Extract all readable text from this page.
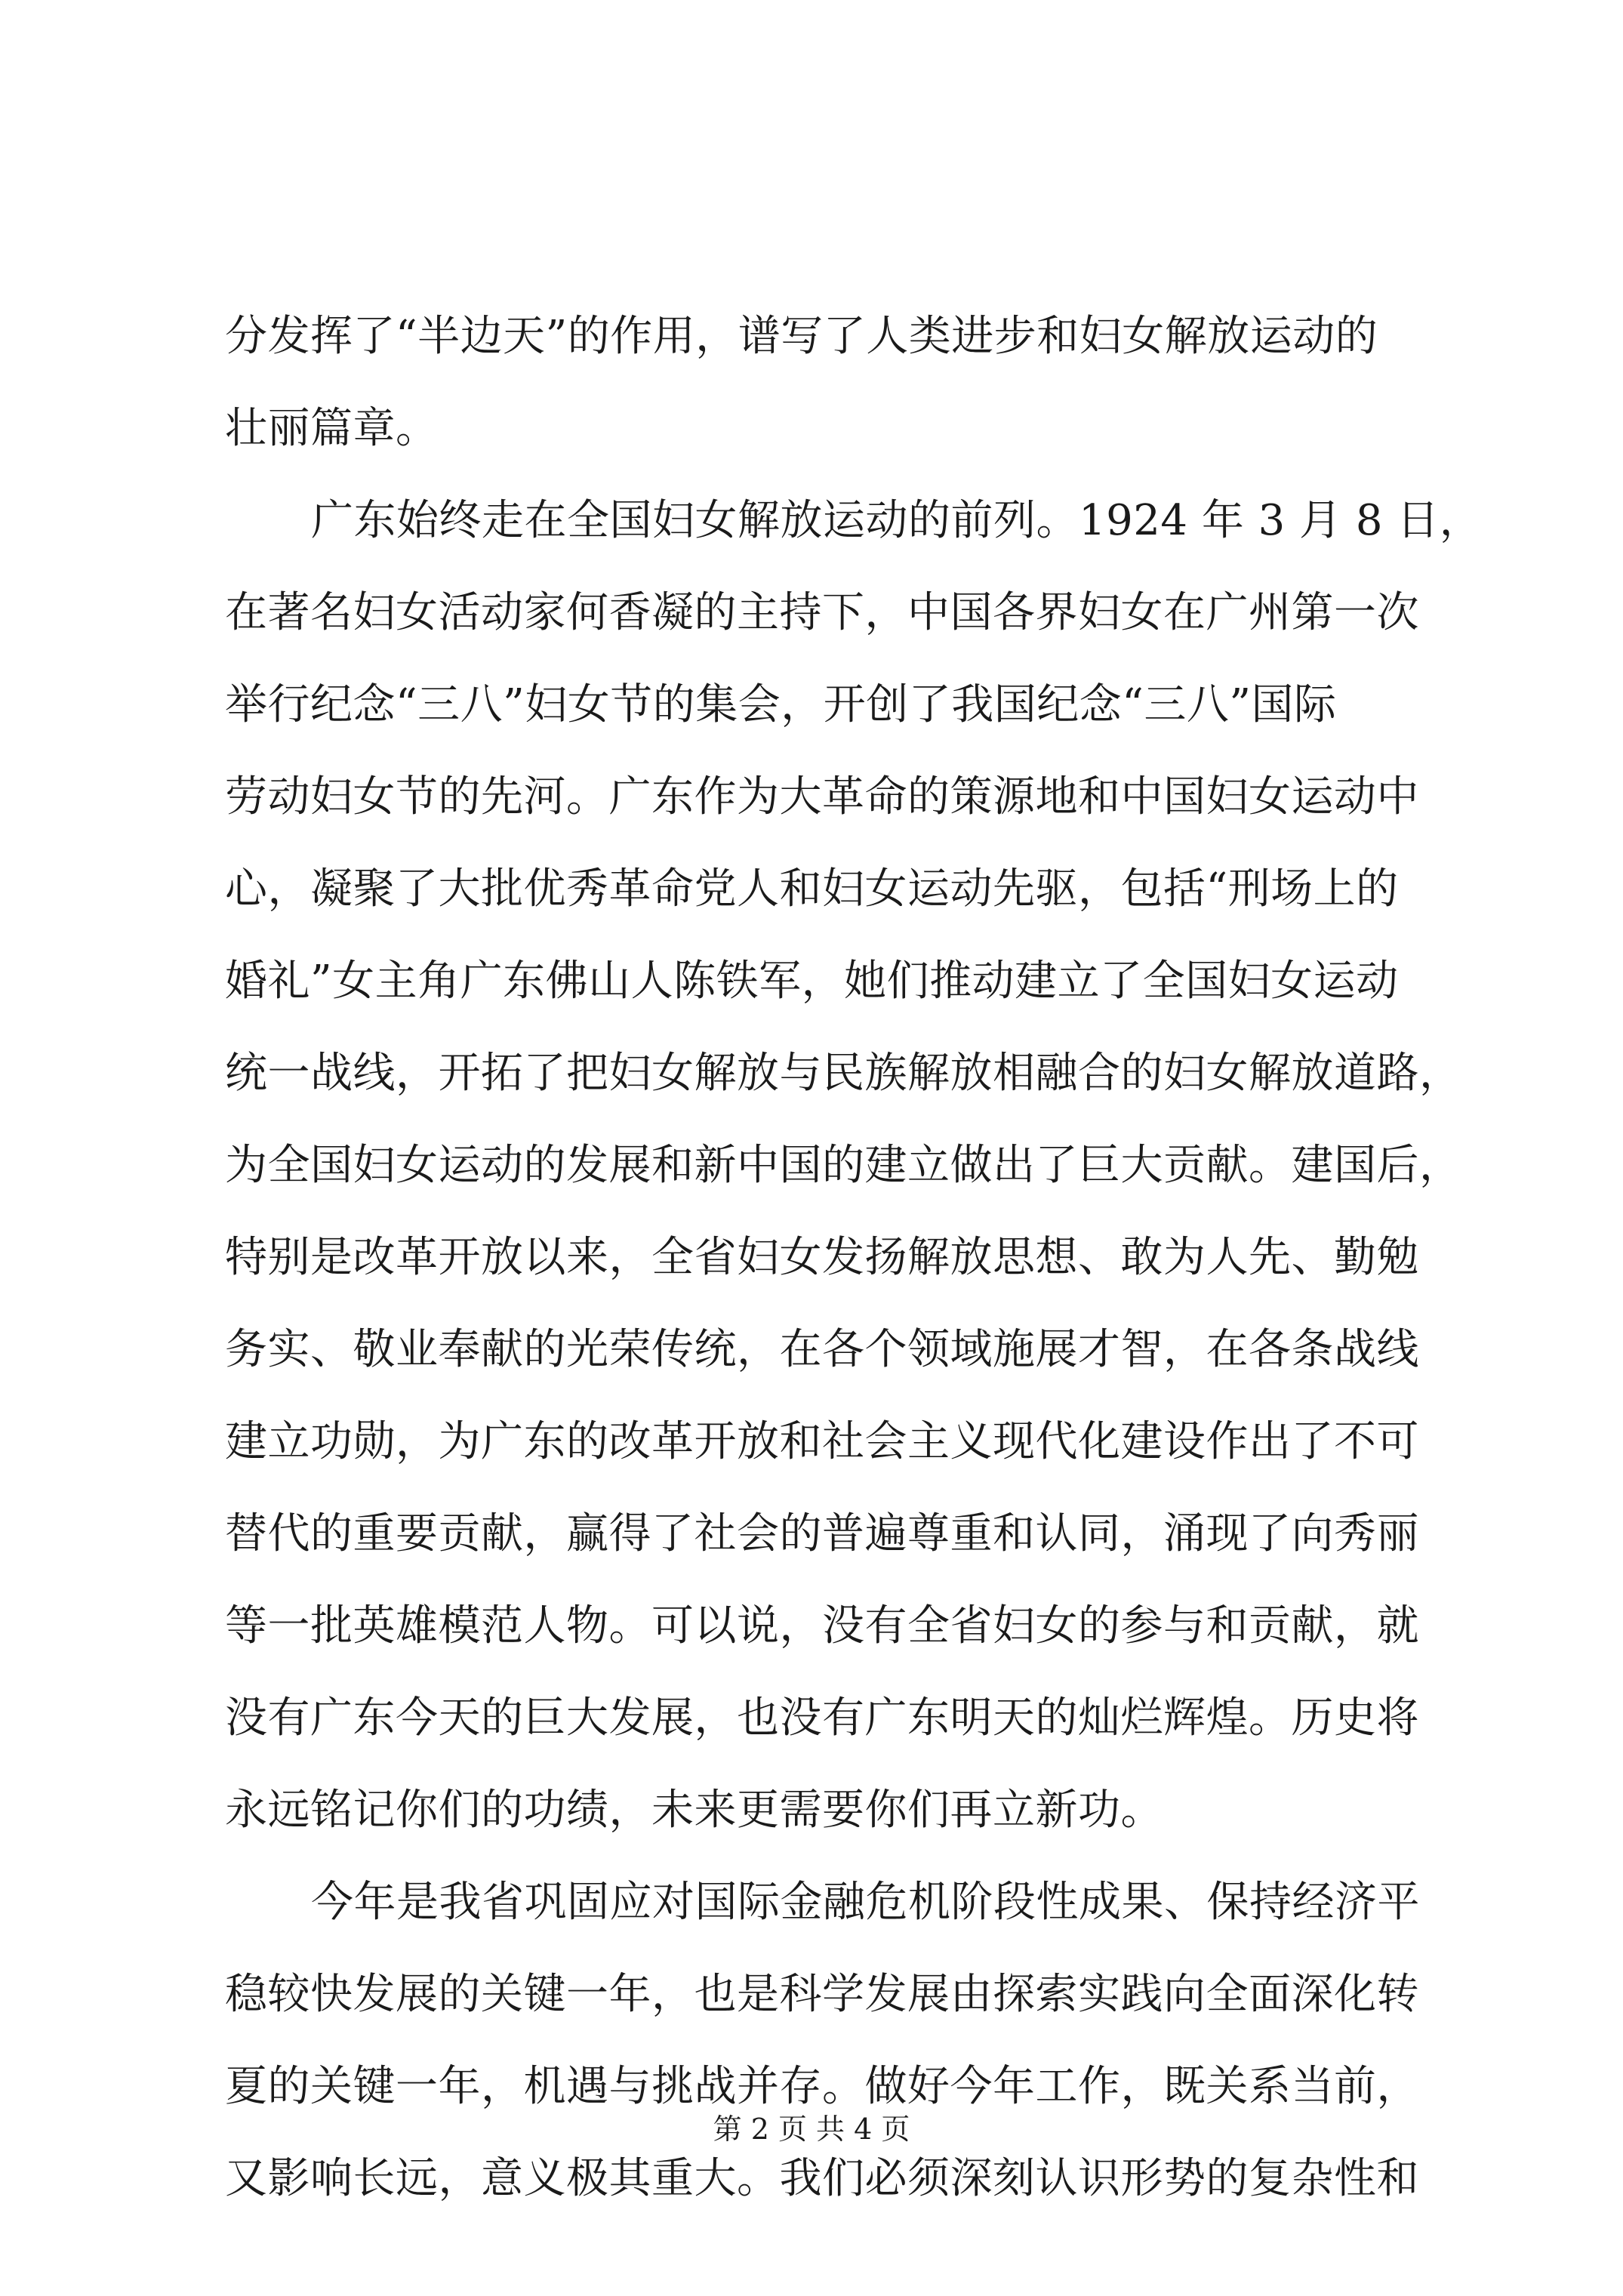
分发挥了“半边天”的作用，谱写了人类进步和妇女解放运动的
壮丽篇章。
广东始终走在全国妇女解放运动的前列。1924 年 3 月 8 日，
在著名妇女活动家何香凝的主持下，中国各界妇女在广州第一次
举行纪念“三八”妇女节的集会，开创了我国纪念“三八”国际
劳动妇女节的先河。广东作为大革命的策源地和中国妇女运动中
心，凝聚了大批优秀革命党人和妇女运动先驱，包括“刑场上的
婚礼”女主角广东佛山人陈铁军，她们推动建立了全国妇女运动
统一战线，开拓了把妇女解放与民族解放相融合的妇女解放道路，
为全国妇女运动的发展和新中国的建立做出了巨大贡献。建国后，
特别是改革开放以来，全省妇女发扬解放思想、敢为人先、勤勉
务实、敬业奉献的光荣传统，在各个领域施展才智，在各条战线
建立功勋，为广东的改革开放和社会主义现代化建设作出了不可
替代的重要贡献，赢得了社会的普遍尊重和认同，涌现了向秀丽
等一批英雄模范人物。可以说，没有全省妇女的参与和贡献，就
没有广东今天的巨大发展，也没有广东明天的灿烂辉煌。历史将
永远铭记你们的功绩，未来更需要你们再立新功。
今年是我省巩固应对国际金融危机阶段性成果、保持经济平
稳较快发展的关键一年，也是科学发展由探索实践向全面深化转
夏的关键一年，机遇与挑战并存。做好今年工作，既关系当前，
又影响长远，意义极其重大。我们必须深刻认识形势的复杂性和
第 2 页 共 4 页
